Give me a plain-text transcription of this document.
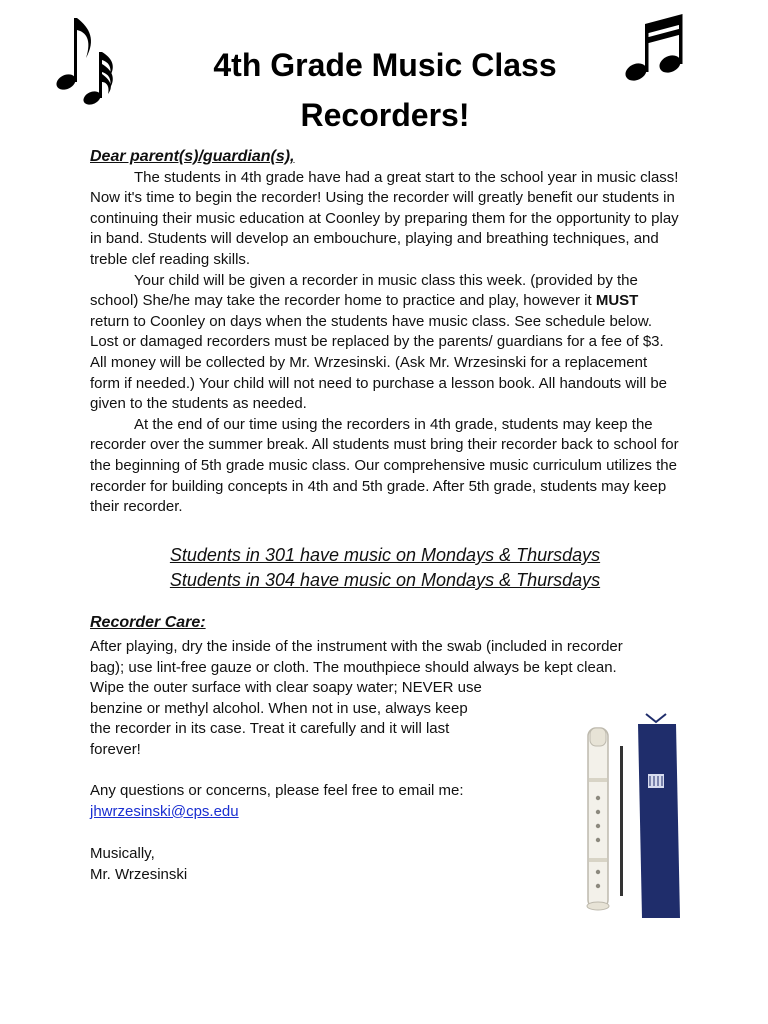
4th Grade Music Class
Recorders!
Dear parent(s)/guardian(s),

The students in 4th grade have had a great start to the school year in music class! Now it's time to begin the recorder! Using the recorder will greatly benefit our students in continuing their music education at Coonley by preparing them for the opportunity to play in band. Students will develop an embouchure, playing and breathing techniques, and treble clef reading skills.

Your child will be given a recorder in music class this week. (provided by the school) She/he may take the recorder home to practice and play, however it MUST return to Coonley on days when the students have music class. See schedule below. Lost or damaged recorders must be replaced by the parents/ guardians for a fee of $3. All money will be collected by Mr. Wrzesinski. (Ask Mr. Wrzesinski for a replacement form if needed.) Your child will not need to purchase a lesson book. All handouts will be given to the students as needed.

At the end of our time using the recorders in 4th grade, students may keep the recorder over the summer break. All students must bring their recorder back to school for the beginning of 5th grade music class. Our comprehensive music curriculum utilizes the recorder for building concepts in 4th and 5th grade. After 5th grade, students may keep their recorder.

Students in 301 have music on Mondays & Thursdays
Students in 304 have music on Mondays & Thursdays
Recorder Care:
After playing, dry the inside of the instrument with the swab (included in recorder
bag); use lint-free gauze or cloth. The mouthpiece should always be kept clean.
Wipe the outer surface with clear soapy water; NEVER use
benzine or methyl alcohol. When not in use, always keep
the recorder in its case. Treat it carefully and it will last
forever!
Any questions or concerns, please feel free to email me:
jhwrzesinski@cps.edu
Musically,
Mr. Wrzesinski
